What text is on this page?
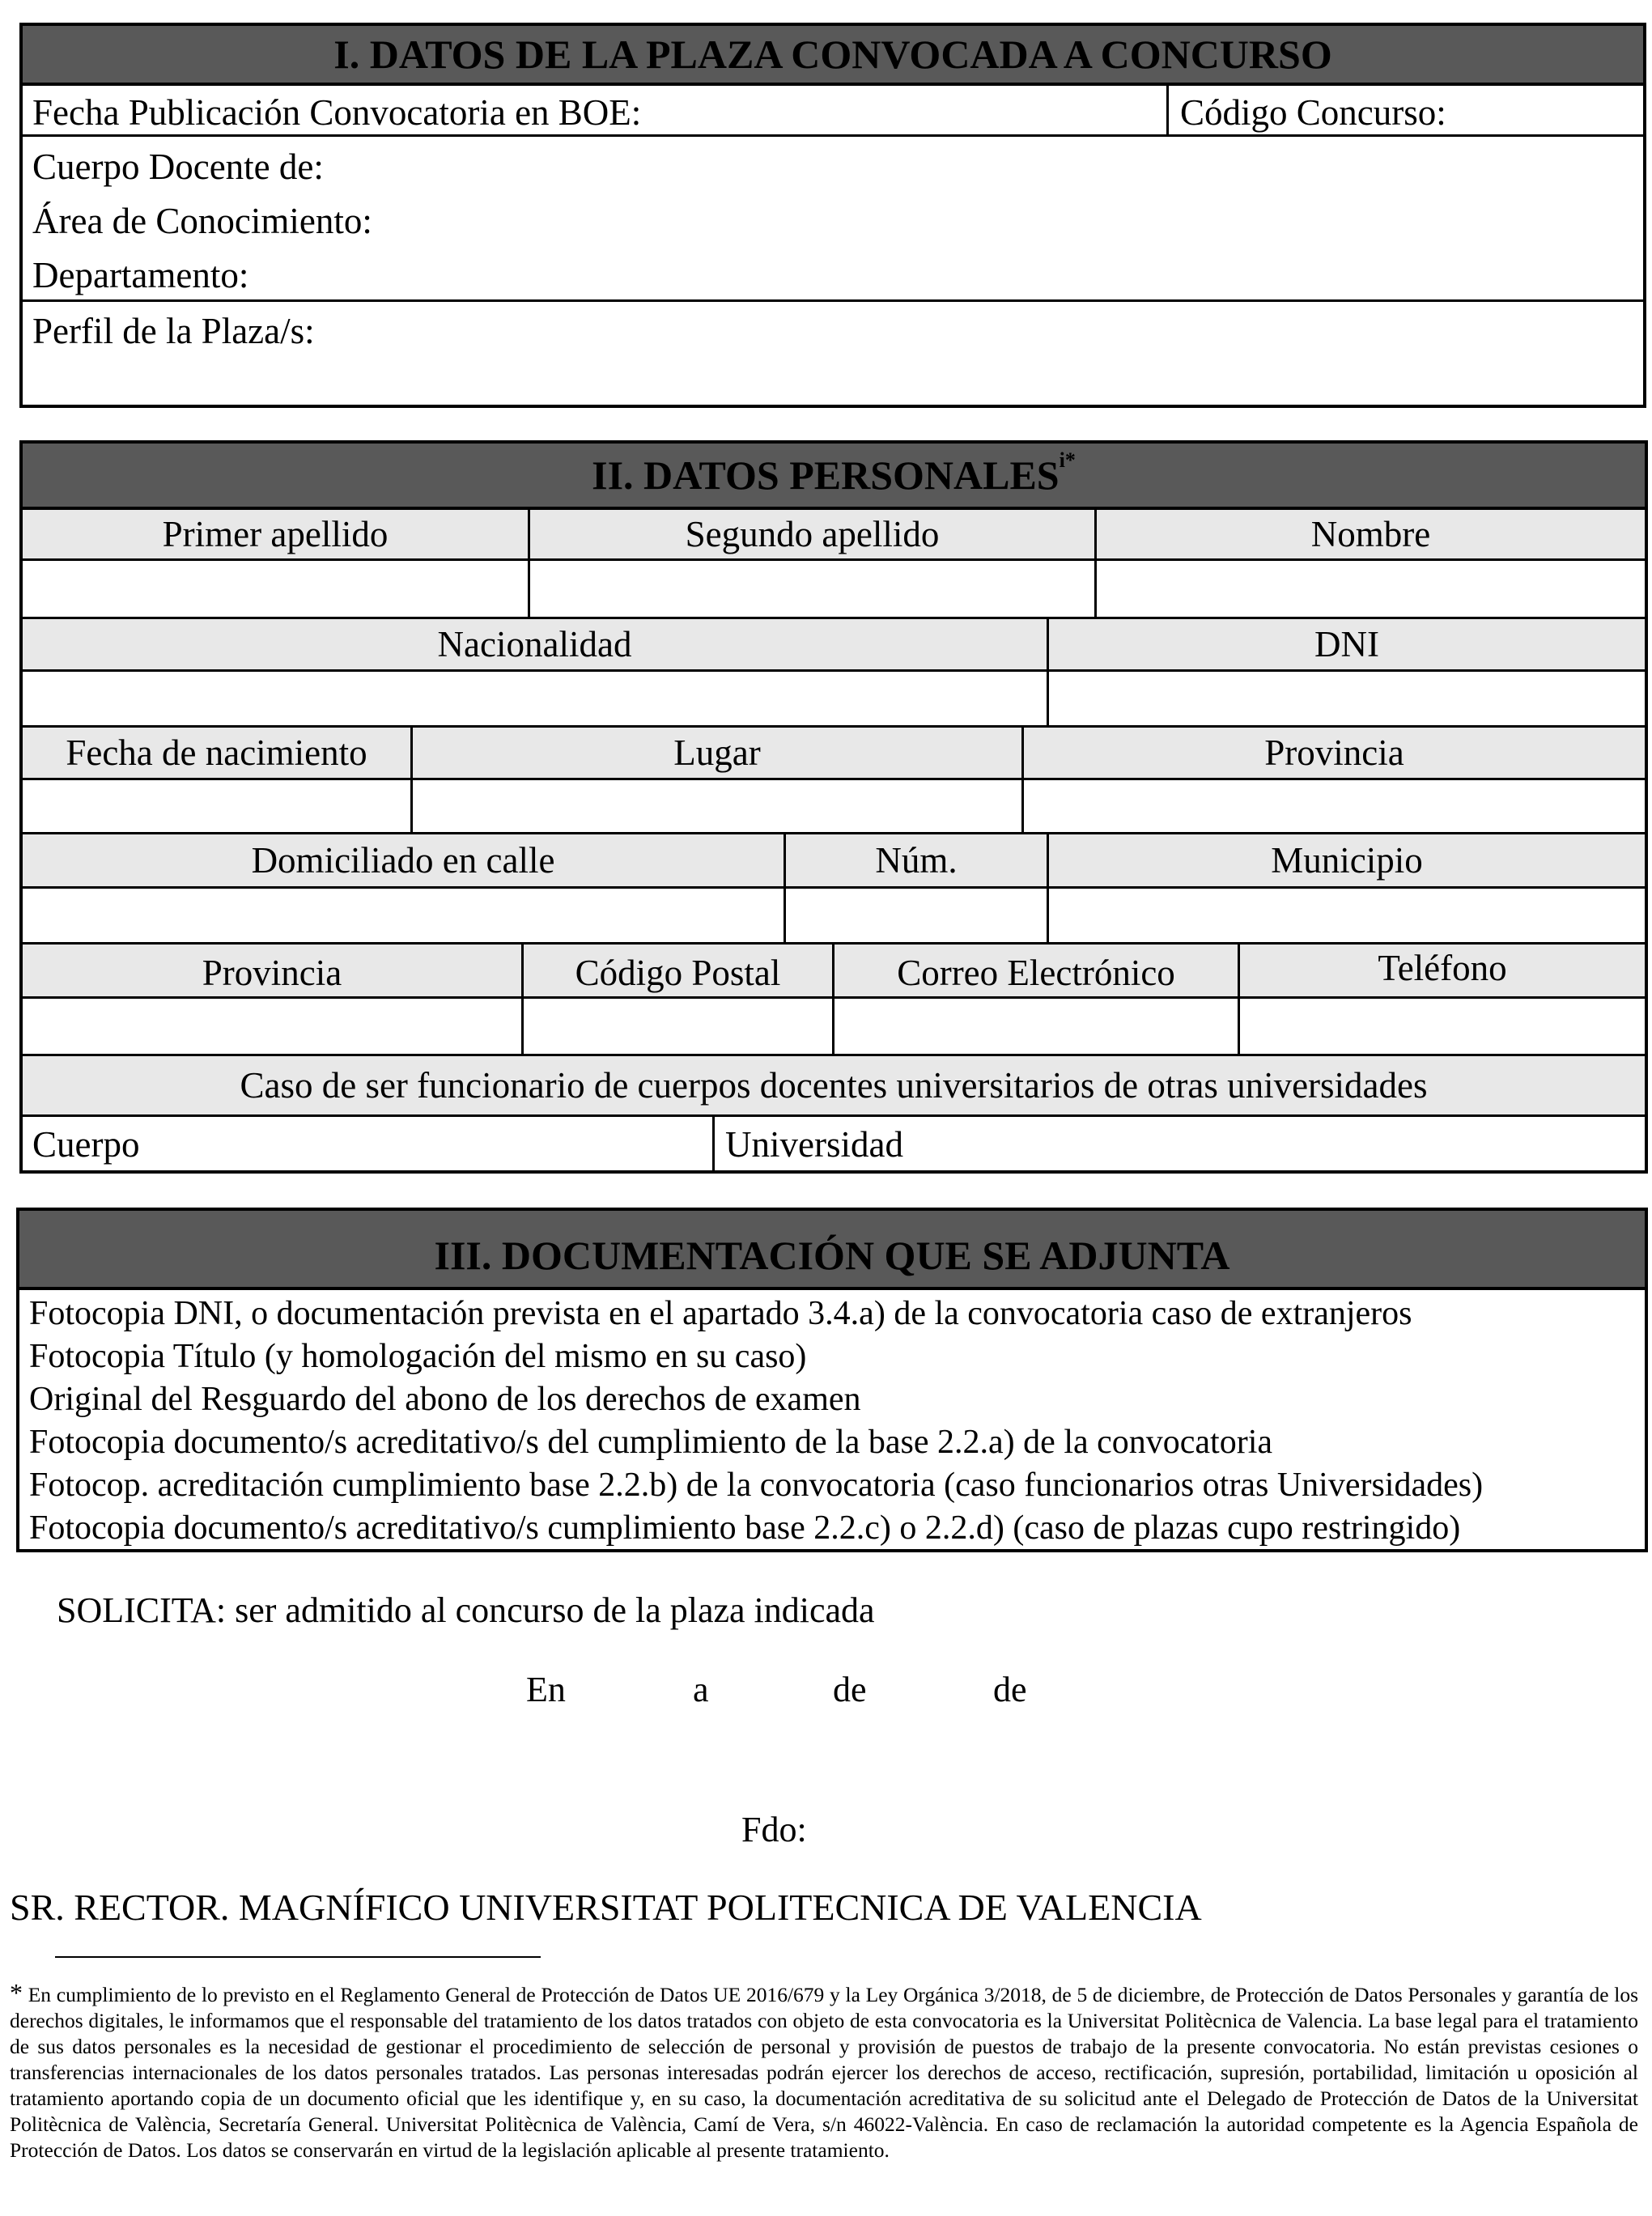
I. DATOS DE LA PLAZA CONVOCADA A CONCURSO
Fecha Publicación Convocatoria en BOE:	Código Concurso:
Cuerpo Docente de:
Área de Conocimiento:
Departamento:
Perfil de la Plaza/s:
II. DATOS $PERSONALES^{i*}$
Primer apellido	Segundo apellido	Nombre
Nacionalidad	DNI
Fecha de nacimiento	Lugar	Provincia
Domiciliado en calle	Núm.	Municipio
Provincia	Código Postal	Correo Electrónico	Teléfono
Caso de ser funcionario de cuerpos docentes universitarios de otras universidades
Cuerpo	Universidad
III. DOCUMENTACIÓN QUE SE ADJUNTA
Fotocopia DNI, o documentación prevista en el apartado 3.4.a) de la convocatoria caso de extranjeros
Fotocopia Título (y homologación del mismo en su caso)
Original del Resguardo del abono de los derechos de examen
Fotocopia documento/s acreditativo/s del cumplimiento de la base 2.2.a) de la convocatoria
Fotocop. acreditación cumplimiento base 2.2.b) de la convocatoria (caso funcionarios otras Universidades)
Fotocopia documento/s acreditativo/s cumplimiento base 2.2.c) o 2.2.d) (caso de plazas cupo restringido)
SOLICITA: ser admitido al concurso de la plaza indicada
En	a	de	de
Fdo:
SR. RECTOR. MAGNÍFICO UNIVERSITAT POLITECNICA DE VALENCIA
* En cumplimiento de lo previsto en el Reglamento General de Protección de Datos UE 2016/679 y la Ley Orgánica 3/2018, de 5 de diciembre, de Protección de Datos Personales y garantía de los derechos digitales, le informamos que el responsable del tratamiento de los datos tratados con objeto de esta convocatoria es la Universitat Politècnica de Valencia. La base legal para el tratamiento de sus datos personales es la necesidad de gestionar el procedimiento de selección de personal y provisión de puestos de trabajo de la presente convocatoria. No están previstas cesiones o transferencias internacionales de los datos personales tratados. Las personas interesadas podrán ejercer los derechos de acceso, rectificación, supresión, portabilidad, limitación u oposición al tratamiento aportando copia de un documento oficial que les identifique y, en su caso, la documentación acreditativa de su solicitud ante el Delegado de Protección de Datos de la Universitat Politècnica de València, Secretaría General. Universitat Politècnica de València, Camí de Vera, s/n 46022-València. En caso de reclamación la autoridad competente es la Agencia Española de Protección de Datos. Los datos se conservarán en virtud de la legislación aplicable al presente tratamiento.
